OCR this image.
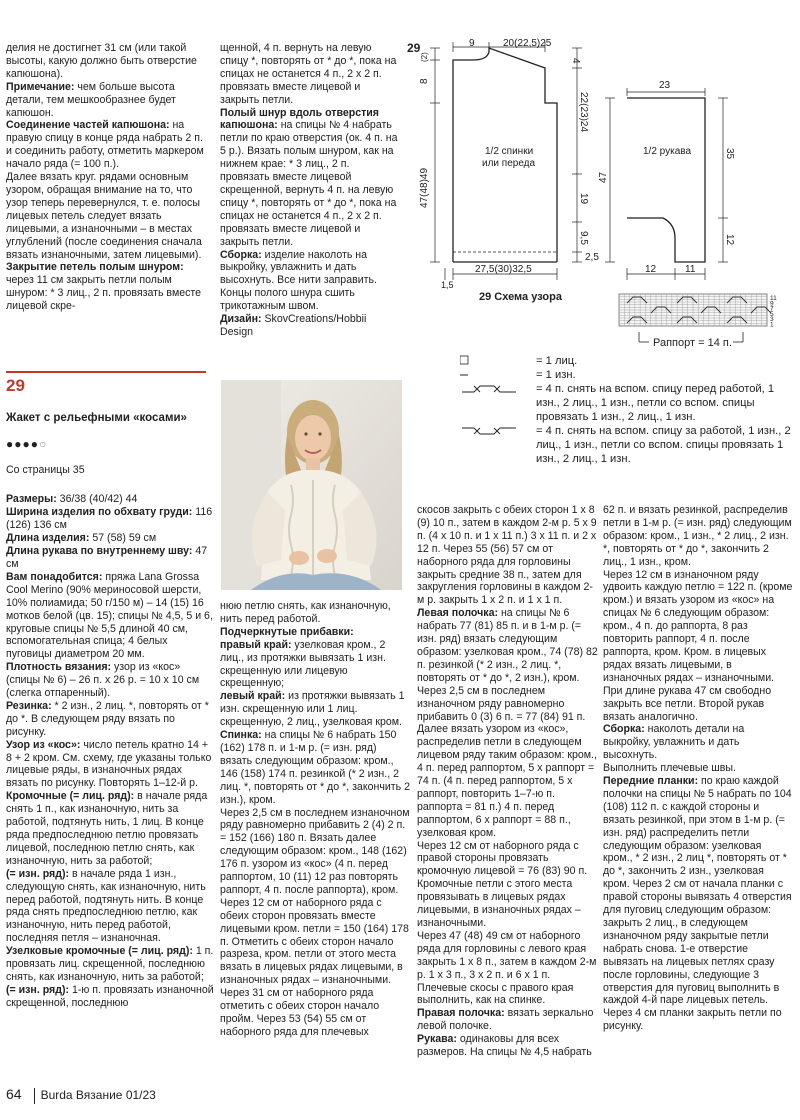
делия не достигнет 31 см (или такой высоты, какую должно быть отверстие капюшона).

Примечание: чем больше высота детали, тем мешкообразнее будет капюшон.

Соединение частей капюшона: на правую спицу в конце ряда набрать 2 п. и соединить работу, отметить маркером начало ряда (= 100 п.).

Далее вязать круг. рядами основным узором, обращая внимание на то, что узор теперь перевернулся, т. е. полосы лицевых петель следует вязать лицевыми, а изнаночными – в местах углублений (после соединения сначала вязать изнаночными, затем лицевыми).

Закрытие петель полым шнуром: через 11 см закрыть петли полым шнуром: * 3 лиц., 2 п. провязать вместе лицевой скре-

щенной, 4 п. вернуть на левую спицу *, повторять от * до *, пока на спицах не останется 4 п., 2 х 2 п. провязать вместе лицевой и закрыть петли.

Полый шнур вдоль отверстия капюшона: на спицы № 4 набрать петли по краю отверстия (ок. 4 п. на 5 р.). Вязать полым шнуром, как на нижнем крае: * 3 лиц., 2 п. провязать вместе лицевой скрещенной, вернуть 4 п. на левую спицу *, повторять от * до *, пока на спицах не останется 4 п., 2 х 2 п. провязать вместе лицевой и закрыть петли.

Сборка: изделие наколоть на выкройку, увлажнить и дать высохнуть. Все нити заправить. Концы полого шнура сшить трикотажным швом.

Дизайн: SkovCreations/Hobbii Design

29

Жакет с рельефными «косами»

●●●●○

Со страницы 35

Размеры: 36/38 (40/42) 44

Ширина изделия по обхвату груди: 116 (126) 136 см

Длина изделия: 57 (58) 59 см

Длина рукава по внутреннему шву: 47 см

Вам понадобится: пряжа Lana Grossa Cool Merino (90% мериносовой шерсти, 10% полиамида; 50 г/150 м) – 14 (15) 16 мотков белой (цв. 15); спицы № 4,5, 5 и 6, круговые спицы № 5,5 длиной 40 см, вспомогательная спица; 4 белых пуговицы диаметром 20 мм.

Плотность вязания: узор из «кос» (спицы № 6) – 26 п. х 26 р. = 10 х 10 см (слегка отпаренный).

Резинка: * 2 изн., 2 лиц. *, повторять от * до *. В следующем ряду вязать по рисунку.

Узор из «кос»: число петель кратно 14 + 8 + 2 кром. См. схему, где указаны только лицевые ряды, в изнаночных рядах вязать по рисунку. Повторять 1–12-й р.

Кромочные (= лиц. ряд): в начале ряда снять 1 п., как изнаночную, нить за работой, подтянуть нить, 1 лиц. В конце ряда предпоследнюю петлю провязать лицевой, последнюю петлю снять, как изнаночную, нить за работой;

(= изн. ряд): в начале ряда 1 изн., следующую снять, как изнаночную, нить перед работой, подтянуть нить. В конце ряда снять предпоследнюю петлю, как изнаночную, нить перед работой, последняя петля – изнаночная.

Узелковые кромочные (= лиц. ряд): 1 п. провязать лиц. скрещенной, последнюю снять, как изнаночную, нить за работой;

(= изн. ряд): 1-ю п. провязать изнаночной скрещенной, последнюю

нюю петлю снять, как изнаночную, нить перед работой.

Подчеркнутые прибавки:

правый край: узелковая кром., 2 лиц., из протяжки вывязать 1 изн. скрещенную или лицевую скрещенную;

левый край: из протяжки вывязать 1 изн. скрещенную или 1 лиц. скрещенную, 2 лиц., узелковая кром.

Спинка: на спицы № 6 набрать 150 (162) 178 п. и 1-м р. (= изн. ряд) вязать следующим образом: кром., 146 (158) 174 п. резинкой (* 2 изн., 2 лиц. *, повторять от * до *, закончить 2 изн.), кром.

Через 2,5 см в последнем изнаночном ряду равномерно прибавить 2 (4) 2 п. = 152 (166) 180 п. Вязать далее следующим образом: кром., 148 (162) 176 п. узором из «кос» (4 п. перед раппортом, 10 (11) 12 раз повторять раппорт, 4 п. после раппорта), кром. Через 12 см от наборного ряда с обеих сторон провязать вместе лицевыми кром. петли = 150 (164) 178 п. Отметить с обеих сторон начало разреза, кром. петли от этого места вязать в лицевых рядах лицевыми, в изнаночных рядах – изнаночными.

Через 31 см от наборного ряда отметить с обеих сторон начало пройм. Через 53 (54) 55 см от наборного ряда для плечевых

скосов закрыть с обеих сторон 1 х 8 (9) 10 п., затем в каждом 2-м р. 5 х 9 п. (4 х 10 п. и 1 х 11 п.) 3 х 11 п. и 2 х 12 п. Через 55 (56) 57 см от наборного ряда для горловины закрыть средние 38 п., затем для закругления горловины в каждом 2-м р. закрыть 1 х 2 п. и 1 х 1 п.

Левая полочка: на спицы № 6 набрать 77 (81) 85 п. и в 1-м р. (= изн. ряд) вязать следующим образом: узелковая кром., 74 (78) 82 п. резинкой (* 2 изн., 2 лиц. *, повторять от * до *, 2 изн.), кром. Через 2,5 см в последнем изнаночном ряду равномерно прибавить 0 (3) 6 п. = 77 (84) 91 п. Далее вязать узором из «кос», распределив петли в следующем лицевом ряду таким образом: кром., 4 п. перед раппортом, 5 х раппорт = 74 п. (4 п. перед раппортом, 5 х раппорт, повторить 1–7-ю п. раппорта = 81 п.) 4 п. перед раппортом, 6 х раппорт = 88 п., узелковая кром.

Через 12 см от наборного ряда с правой стороны провязать кромочную лицевой = 76 (83) 90 п. Кромочные петли с этого места провязывать в лицевых рядах лицевыми, в изнаночных рядах – изнаночными.

Через 47 (48) 49 см от наборного ряда для горловины с левого края закрыть 1 х 8 п., затем в каждом 2-м р. 1 х 3 п., 3 х 2 п. и 6 х 1 п. Плечевые скосы с правого края выполнить, как на спинке.

Правая полочка: вязать зеркально левой полочке.

Рукава: одинаковы для всех размеров. На спицы № 4,5 набрать

62 п. и вязать резинкой, распределив петли в 1-м р. (= изн. ряд) следующим образом: кром., 1 изн., * 2 лиц., 2 изн. *, повторять от * до *, закончить 2 лиц., 1 изн., кром.

Через 12 см в изнаночном ряду удвоить каждую петлю = 122 п. (кроме кром.) и вязать узором из «кос» на спицах № 6 следующим образом: кром., 4 п. до раппорта, 8 раз повторить раппорт, 4 п. после раппорта, кром. Кром. в лицевых рядах вязать лицевыми, в изнаночных рядах – изнаночными. При длине рукава 47 см свободно закрыть все петли. Второй рукав вязать аналогично.

Сборка: наколоть детали на выкройку, увлажнить и дать высохнуть.

Выполнить плечевые швы.

Передние планки: по краю каждой полочки на спицы № 5 набрать по 104 (108) 112 п. с каждой стороны и вязать резинкой, при этом в 1-м р. (= изн. ряд) распределить петли следующим образом: узелковая кром., * 2 изн., 2 лиц *, повторять от * до *, закончить 2 изн., узелковая кром. Через 2 см от начала планки с правой стороны вывязать 4 отверстия для пуговиц следующим образом: закрыть 2 лиц., в следующем изнаночном ряду закрытые петли набрать снова. 1-е отверстие вывязать на лицевых петлях сразу после горловины, следующие 3 отверстия для пуговиц выполнить в каждой 4-й паре лицевых петель.

Через 4 см планки закрыть петли по рисунку.

29	9	20(22,5)25
4
(2)
8
47(48)49
22(23)24
19
9,5
2,5
27,5(30)32,5
1,5
1/2 спинки
или переда
23
47
35
12
12	11
1/2 рукава
29 Схема узора	11
9
7
5
3
1
Раппорт = 14 п.
= 1 лиц.
= 1 изн.
= 4 п. снять на вспом. спицу перед работой, 1 изн., 2 лиц., 1 изн., петли со вспом. спицы провязать 1 изн., 2 лиц., 1 изн.
= 4 п. снять на вспом. спицу за работой, 1 изн., 2 лиц., 1 изн., петли со вспом. спицы провязать 1 изн., 2 лиц., 1 изн.
64 Burda Вязание 01/23
